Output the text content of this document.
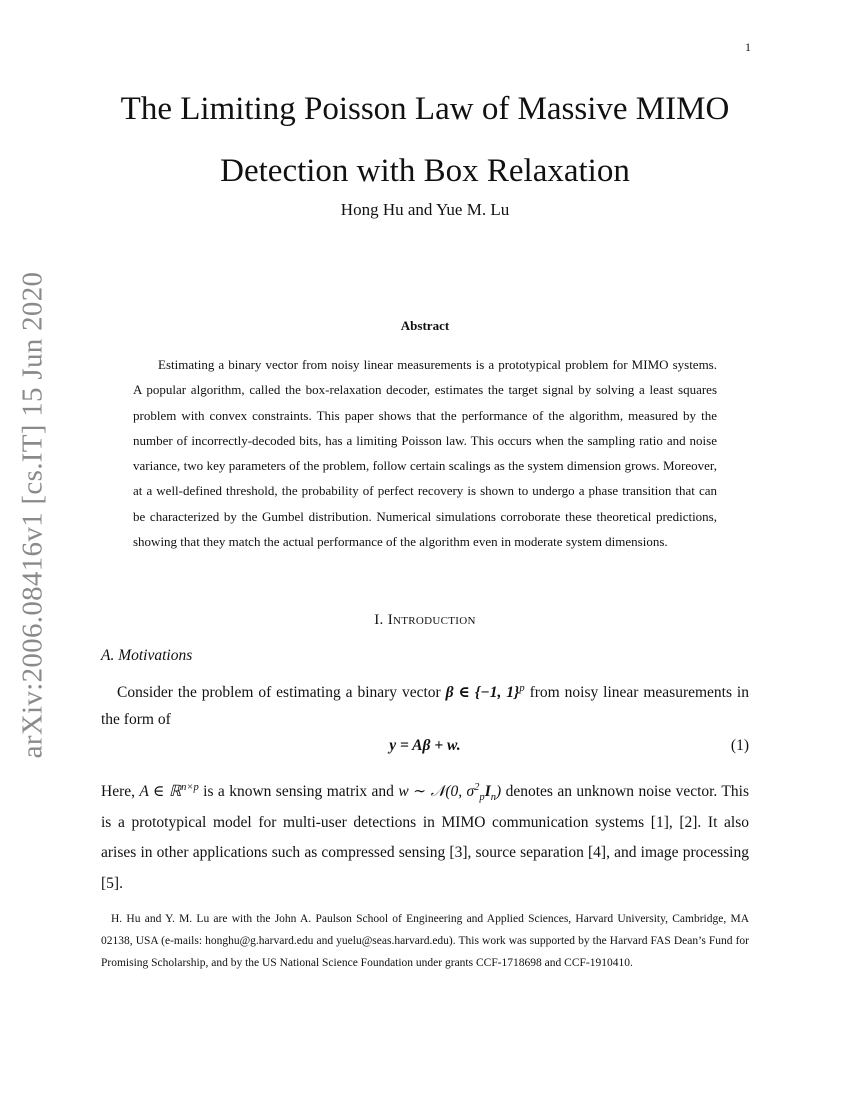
1
arXiv:2006.08416v1 [cs.IT] 15 Jun 2020
The Limiting Poisson Law of Massive MIMO Detection with Box Relaxation
Hong Hu and Yue M. Lu
Abstract

Estimating a binary vector from noisy linear measurements is a prototypical problem for MIMO systems. A popular algorithm, called the box-relaxation decoder, estimates the target signal by solving a least squares problem with convex constraints. This paper shows that the performance of the algorithm, measured by the number of incorrectly-decoded bits, has a limiting Poisson law. This occurs when the sampling ratio and noise variance, two key parameters of the problem, follow certain scalings as the system dimension grows. Moreover, at a well-defined threshold, the probability of perfect recovery is shown to undergo a phase transition that can be characterized by the Gumbel distribution. Numerical simulations corroborate these theoretical predictions, showing that they match the actual performance of the algorithm even in moderate system dimensions.

I. Introduction
A. Motivations

Consider the problem of estimating a binary vector β ∈ {−1, 1}$^p$ from noisy linear measurements in the form of

y = Aβ + w.	(1)

Here, A ∈ ℝ$^{n\times p}$ is a known sensing matrix and w ∼ 𝒩(0, $\sigma^2_pI_n$) denotes an unknown noise vector. This is a prototypical model for multi-user detections in MIMO communication systems [1], [2]. It also arises in other applications such as compressed sensing [3], source separation [4], and image processing [5].

H. Hu and Y. M. Lu are with the John A. Paulson School of Engineering and Applied Sciences, Harvard University, Cambridge, MA 02138, USA (e-mails: honghu@g.harvard.edu and yuelu@seas.harvard.edu). This work was supported by the Harvard FAS Dean’s Fund for Promising Scholarship, and by the US National Science Foundation under grants CCF-1718698 and CCF-1910410.
